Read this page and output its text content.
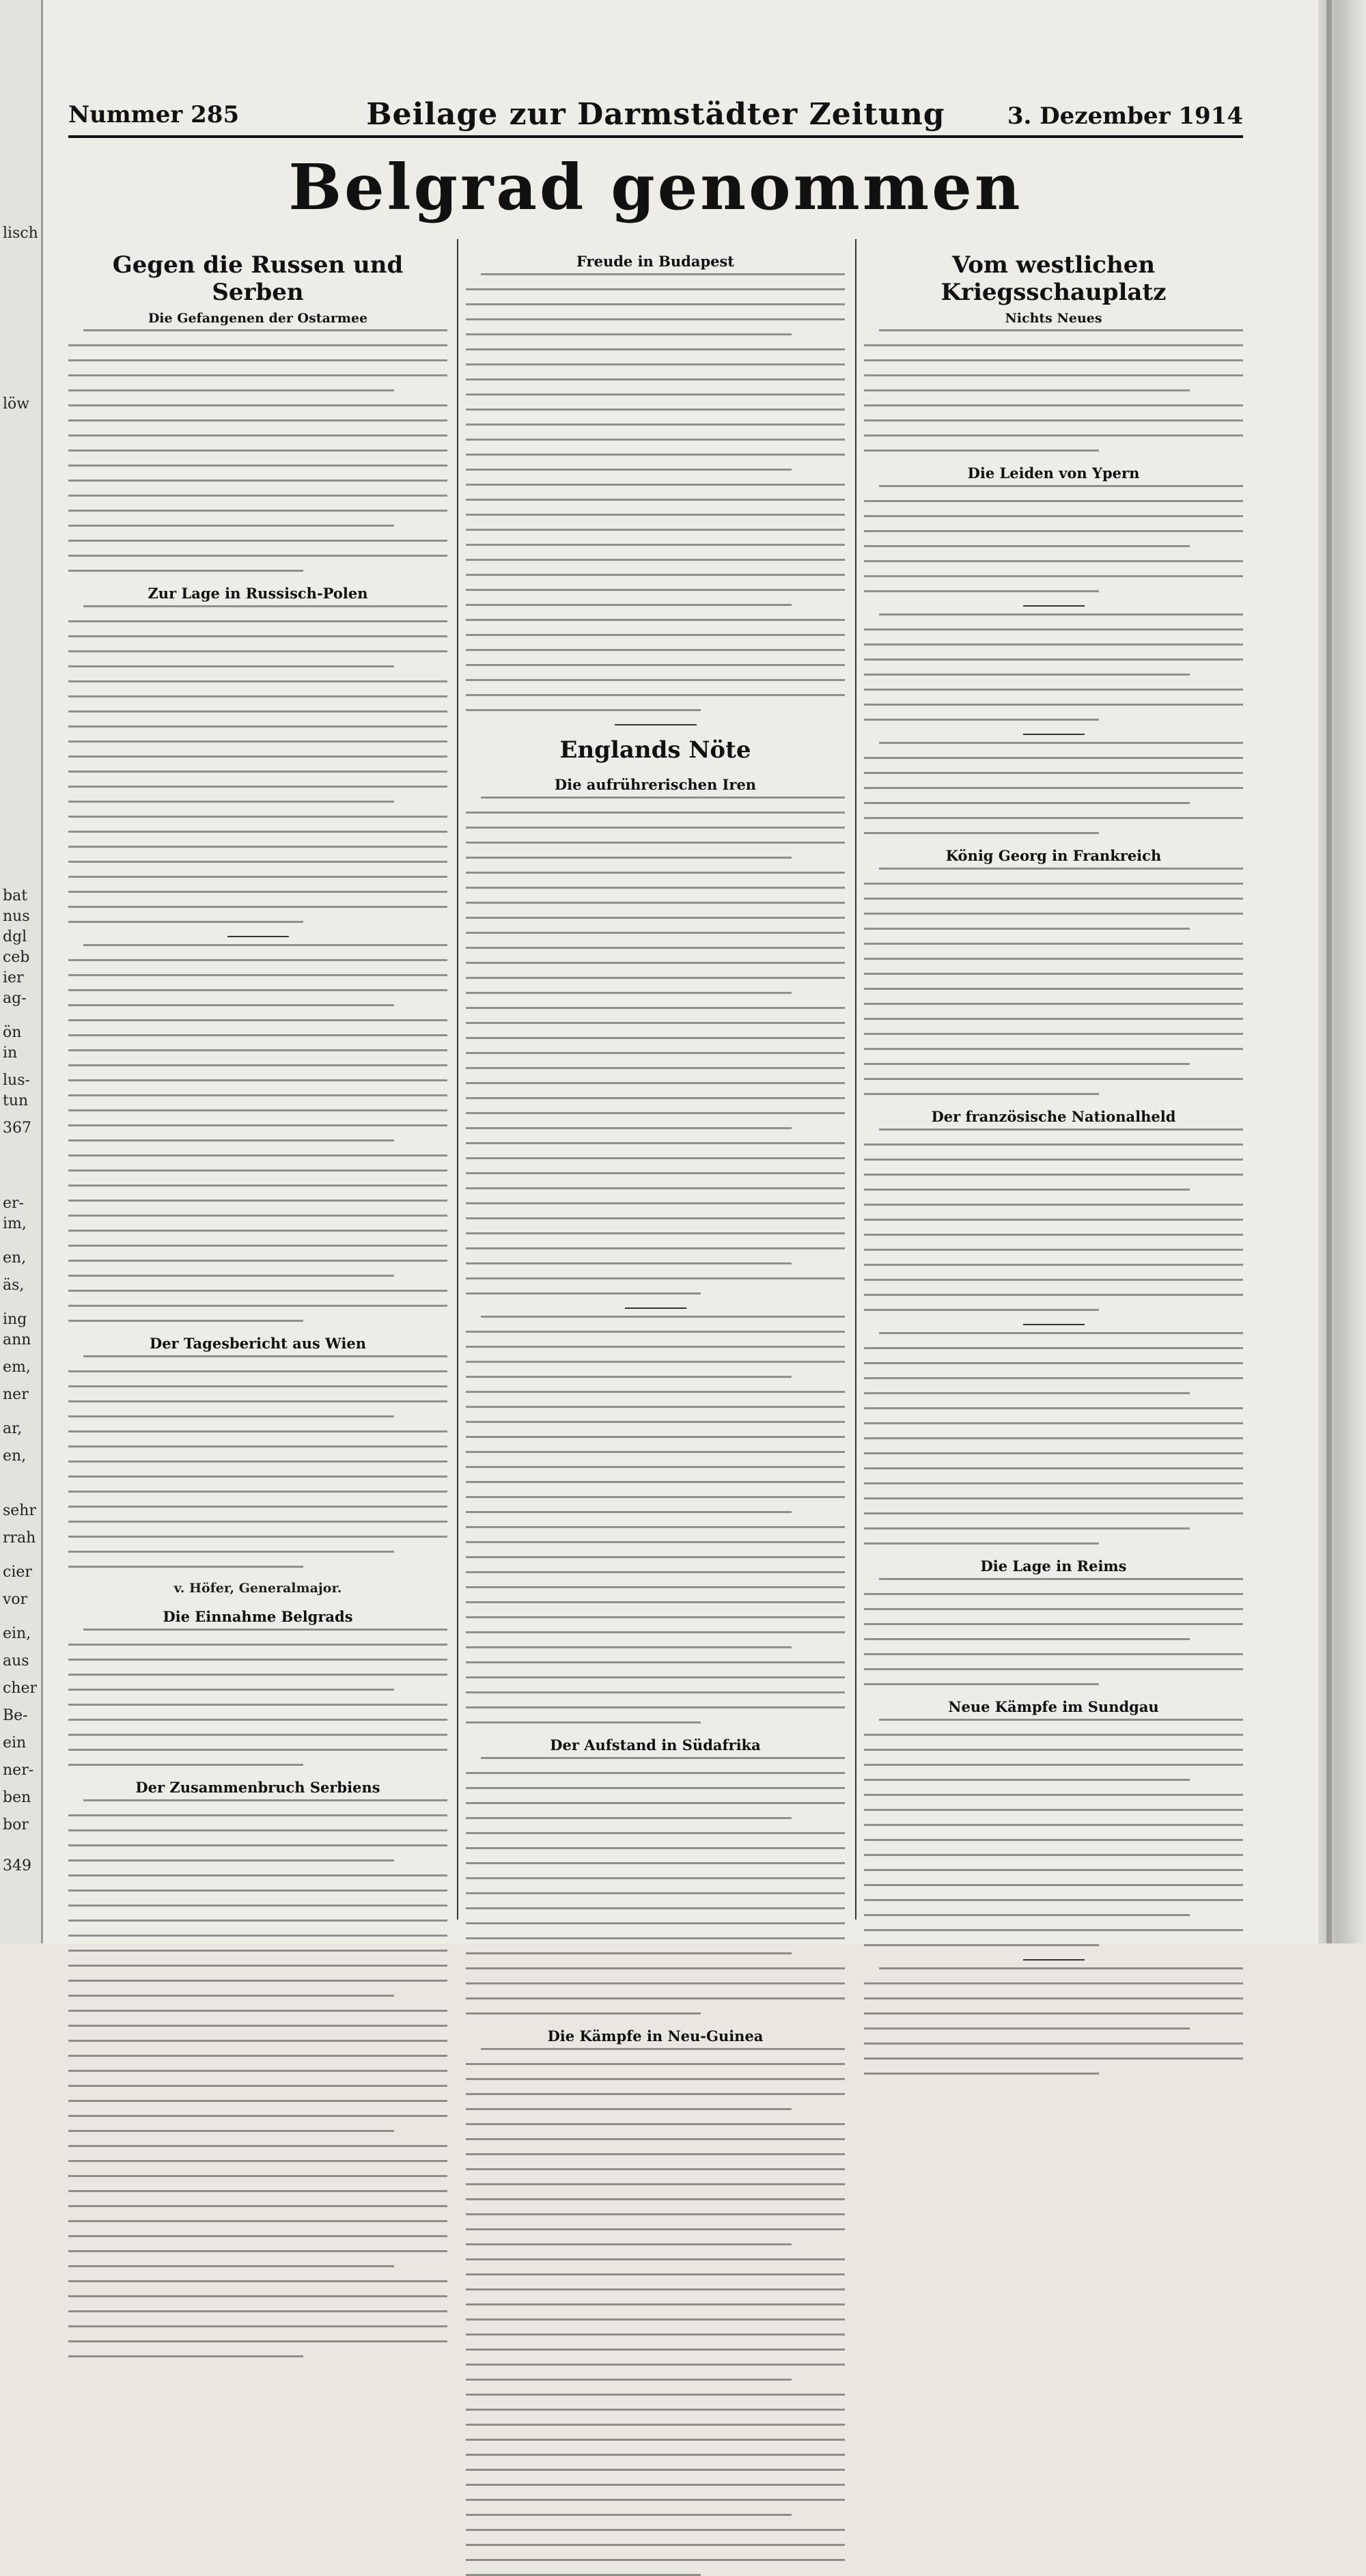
lisch
löw
bat
nus
dgl
ceb
ier
ag-
ön
in
lus-
tun
367
er-
im,
en,
äs,
ing
ann
em,
ner
ar,
en,
sehr
rrah
cier
vor
ein,
aus
cher
Be-
ein
ner-
ben
bor
349
Nummer 285	Beilage zur Darmstädter Zeitung	3. Dezember 1914
Belgrad genommen
Gegen die Russen und Serben
Die Gefangenen der Ostarmee
Zur Lage in Russisch-Polen
Der Tagesbericht aus Wien
v. Höfer, Generalmajor.
Die Einnahme Belgrads
Der Zusammenbruch Serbiens
Freude in Budapest
Englands Nöte
Die aufrührerischen Iren
Der Aufstand in Südafrika
Die Kämpfe in Neu-Guinea
Vom westlichen Kriegsschauplatz
Nichts Neues
Die Leiden von Ypern
König Georg in Frankreich
Der französische Nationalheld
Die Lage in Reims
Neue Kämpfe im Sundgau
